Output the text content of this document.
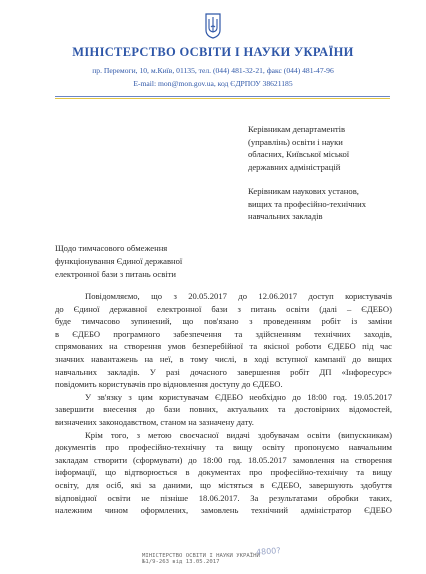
МІНІСТЕРСТВО ОСВІТИ І НАУКИ УКРАЇНИ
пр. Перемоги, 10, м.Київ, 01135, тел. (044) 481-32-21, факс (044) 481-47-96
E-mail: mon@mon.gov.ua, код ЄДРПОУ 38621185
Керівникам департаментів
(управлінь) освіти і науки
обласних, Київської міської
державних адміністрацій
Керівникам наукових установ,
вищих та професійно-технічних
навчальних закладів
Щодо тимчасового обмеження
функціонування Єдиної державної
електронної бази з питань освіти
Повідомляємо, що з 20.05.2017 до 12.06.2017 доступ користувачів
до Єдиної державної електронної бази з питань освіти (далі – ЄДЕБО)
буде тимчасово зупинений, що пов'язано з проведенням робіт із заміни
в ЄДЕБО програмного забезпечення та здійсненням технічних заходів,
спрямованих на створення умов безперебійної та якісної роботи ЄДЕБО під час
значних навантажень на неї, в тому числі, в ході вступної кампанії до вищих
навчальних закладів. У разі дочасного завершення робіт ДП «Інфоресурс»
повідомить користувачів про відновлення доступу до ЄДЕБО.
У зв'язку з цим користувачам ЄДЕБО необхідно до 18:00 год. 19.05.2017
завершити внесення до бази повних, актуальних та достовірних відомостей,
визначених законодавством, станом на зазначену дату.
Крім того, з метою своєчасної видачі здобувачам освіти (випускникам)
документів про професійно-технічну та вищу освіту пропонуємо навчальним
закладам створити (сформувати) до 18:00 год. 18.05.2017 замовлення на створення
інформації, що відтворюється в документах про професійно-технічну та вищу
освіту, для осіб, які за даними, що містяться в ЄДЕБО, завершують здобуття
відповідної освіти не пізніше 18.06.2017. За результатами обробки таких,
належним чином оформлених, замовлень технічний адміністратор ЄДЕБО
МІНІСТЕРСТВО ОСВІТИ І НАУКИ УКРАЇНИ
№1/9-263 від 13.05.2017
4800?
